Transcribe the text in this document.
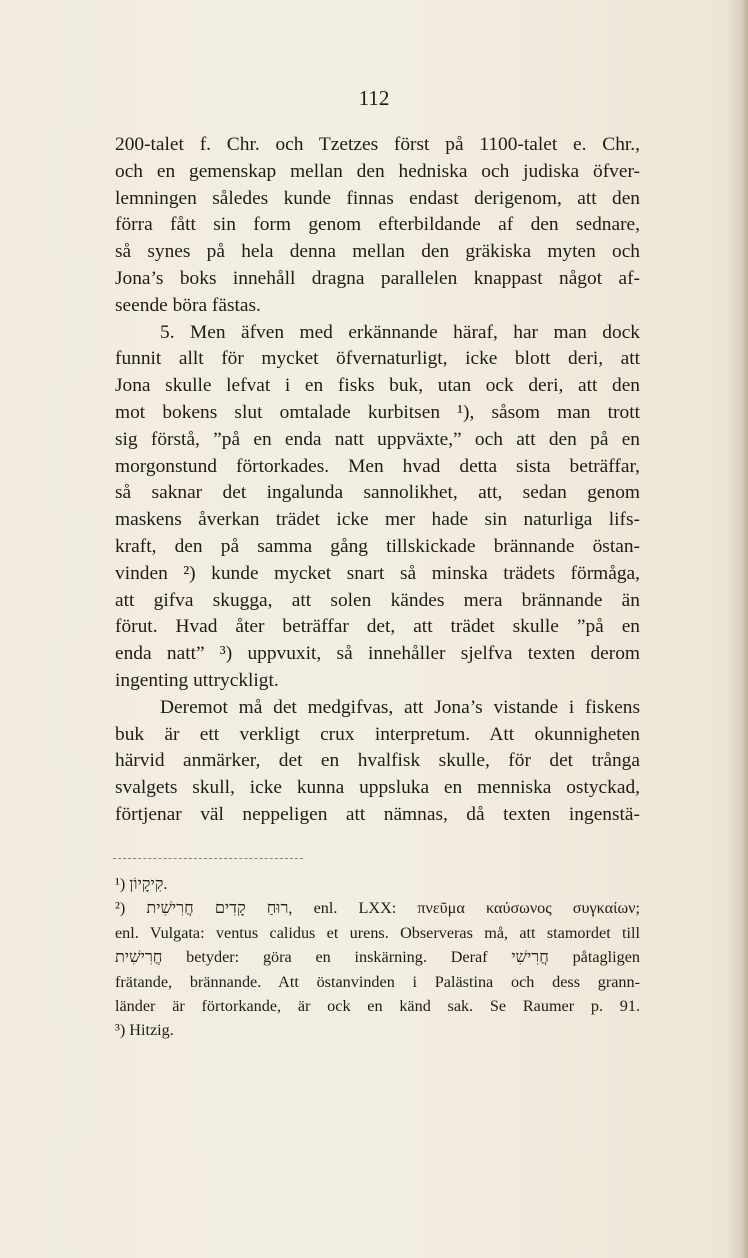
112
200-talet f. Chr. och Tzetzes först på 1100-talet e. Chr.,
och en gemenskap mellan den hedniska och judiska öfver-
lemningen således kunde finnas endast derigenom, att den
förra fått sin form genom efterbildande af den sednare,
så synes på hela denna mellan den gräkiska myten och
Jona’s boks innehåll dragna parallelen knappast något af-
seende böra fästas.
5. Men äfven med erkännande häraf, har man dock
funnit allt för mycket öfvernaturligt, icke blott deri, att
Jona skulle lefvat i en fisks buk, utan ock deri, att den
mot bokens slut omtalade kurbitsen ¹), såsom man trott
sig förstå, ”på en enda natt uppväxte,” och att den på en
morgonstund förtorkades. Men hvad detta sista beträffar,
så saknar det ingalunda sannolikhet, att, sedan genom
maskens åverkan trädet icke mer hade sin naturliga lifs-
kraft, den på samma gång tillskickade brännande östan-
vinden ²) kunde mycket snart så minska trädets förmåga,
att gifva skugga, att solen kändes mera brännande än
förut. Hvad åter beträffar det, att trädet skulle ”på en
enda natt” ³) uppvuxit, så innehåller sjelfva texten derom
ingenting uttryckligt.
Deremot må det medgifvas, att Jona’s vistande i fiskens
buk är ett verkligt crux interpretum. Att okunnigheten
härvid anmärker, det en hvalfisk skulle, för det trånga
svalgets skull, icke kunna uppsluka en menniska ostyckad,
förtjenar väl neppeligen att nämnas, då texten ingenstä-
¹) קִיקָיוֹן.
²) רוּחַ קָדִים חֲרִישִׁית, enl. LXX: πνεῦμα καύσωνος συγκαίων;
enl. Vulgata: ventus calidus et urens. Observeras må, att stamordet till
חֲרִישִׁית betyder: göra en inskärning. Deraf חֲרִישִׁי påtagligen
frätande, brännande. Att östanvinden i Palästina och dess grann-
länder är förtorkande, är ock en känd sak. Se Raumer p. 91.
³) Hitzig.
